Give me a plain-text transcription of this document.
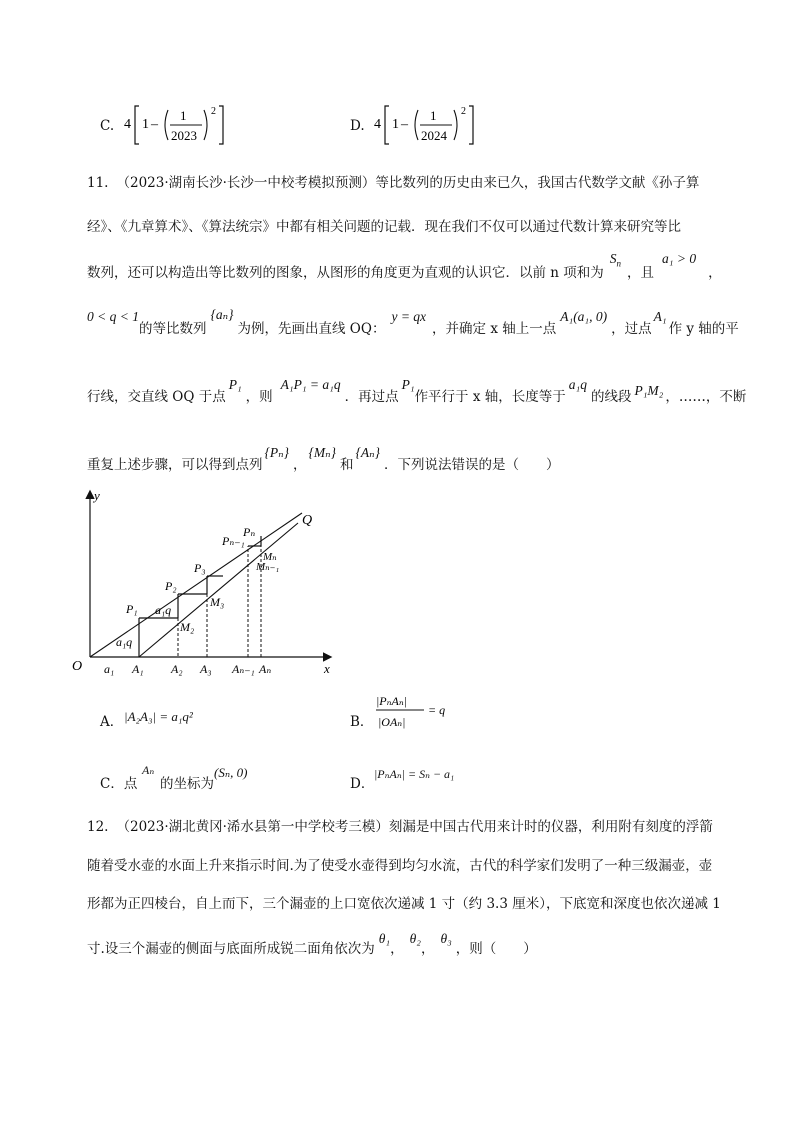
C. 4 1 –
1
2023
2
D. 4 1 –
1
2024
2
11. （2023·湖南长沙·长沙一中校考模拟预测）等比数列的历史由来已久，我国古代数学文献《孙子算
经》、《九章算术》、《算法统宗》中都有相关问题的记载．现在我们不仅可以通过代数计算来研究等比
数列，还可以构造出等比数列的图象，从图形的角度更为直观的认识它．以前 n 项和为$S_n$，且a₁ > 0，
0 < q < 1的等比数列{aₙ}为例，先画出直线 OQ：y = qx，并确定 x 轴上一点A₁(a₁, 0)，过点A₁作 y 轴的平
行线，交直线 OQ 于点P₁，则A₁P₁ = a₁q．再过点P₁作平行于 x 轴，长度等于a₁q的线段 P₁M₂ ，……，不断
重复上述步骤，可以得到点列{Pₙ}，{Mₙ}和{Aₙ}．下列说法错误的是（　　）
y
x
O
Q
a₁ A₁ A₂ A₃ Aₙ₋₁ Aₙ
P₁
P₂
P₃
Pₙ₋₁
Pₙ
M₂
M₃
Mₙ₋₁
Mₙ
a₁q
a₁q
A． |A₂A₃| = a₁q²	B．
|PₙAₙ|
|OAₙ|
= q
C．点
Aₙ
的坐标为
(Sₙ, 0)
D．
|PₙAₙ| = Sₙ − a₁
12. （2023·湖北黄冈·浠水县第一中学校考三模）刻漏是中国古代用来计时的仪器，利用附有刻度的浮箭
随着受水壶的水面上升来指示时间.为了使受水壶得到均匀水流，古代的科学家们发明了一种三级漏壶，壶
形都为正四棱台，自上而下，三个漏壶的上口宽依次递减 1 寸（约 3.3 厘米），下底宽和深度也依次递减 1
寸.设三个漏壶的侧面与底面所成锐二面角依次为θ₁，θ₂，θ₃，则（　　）
